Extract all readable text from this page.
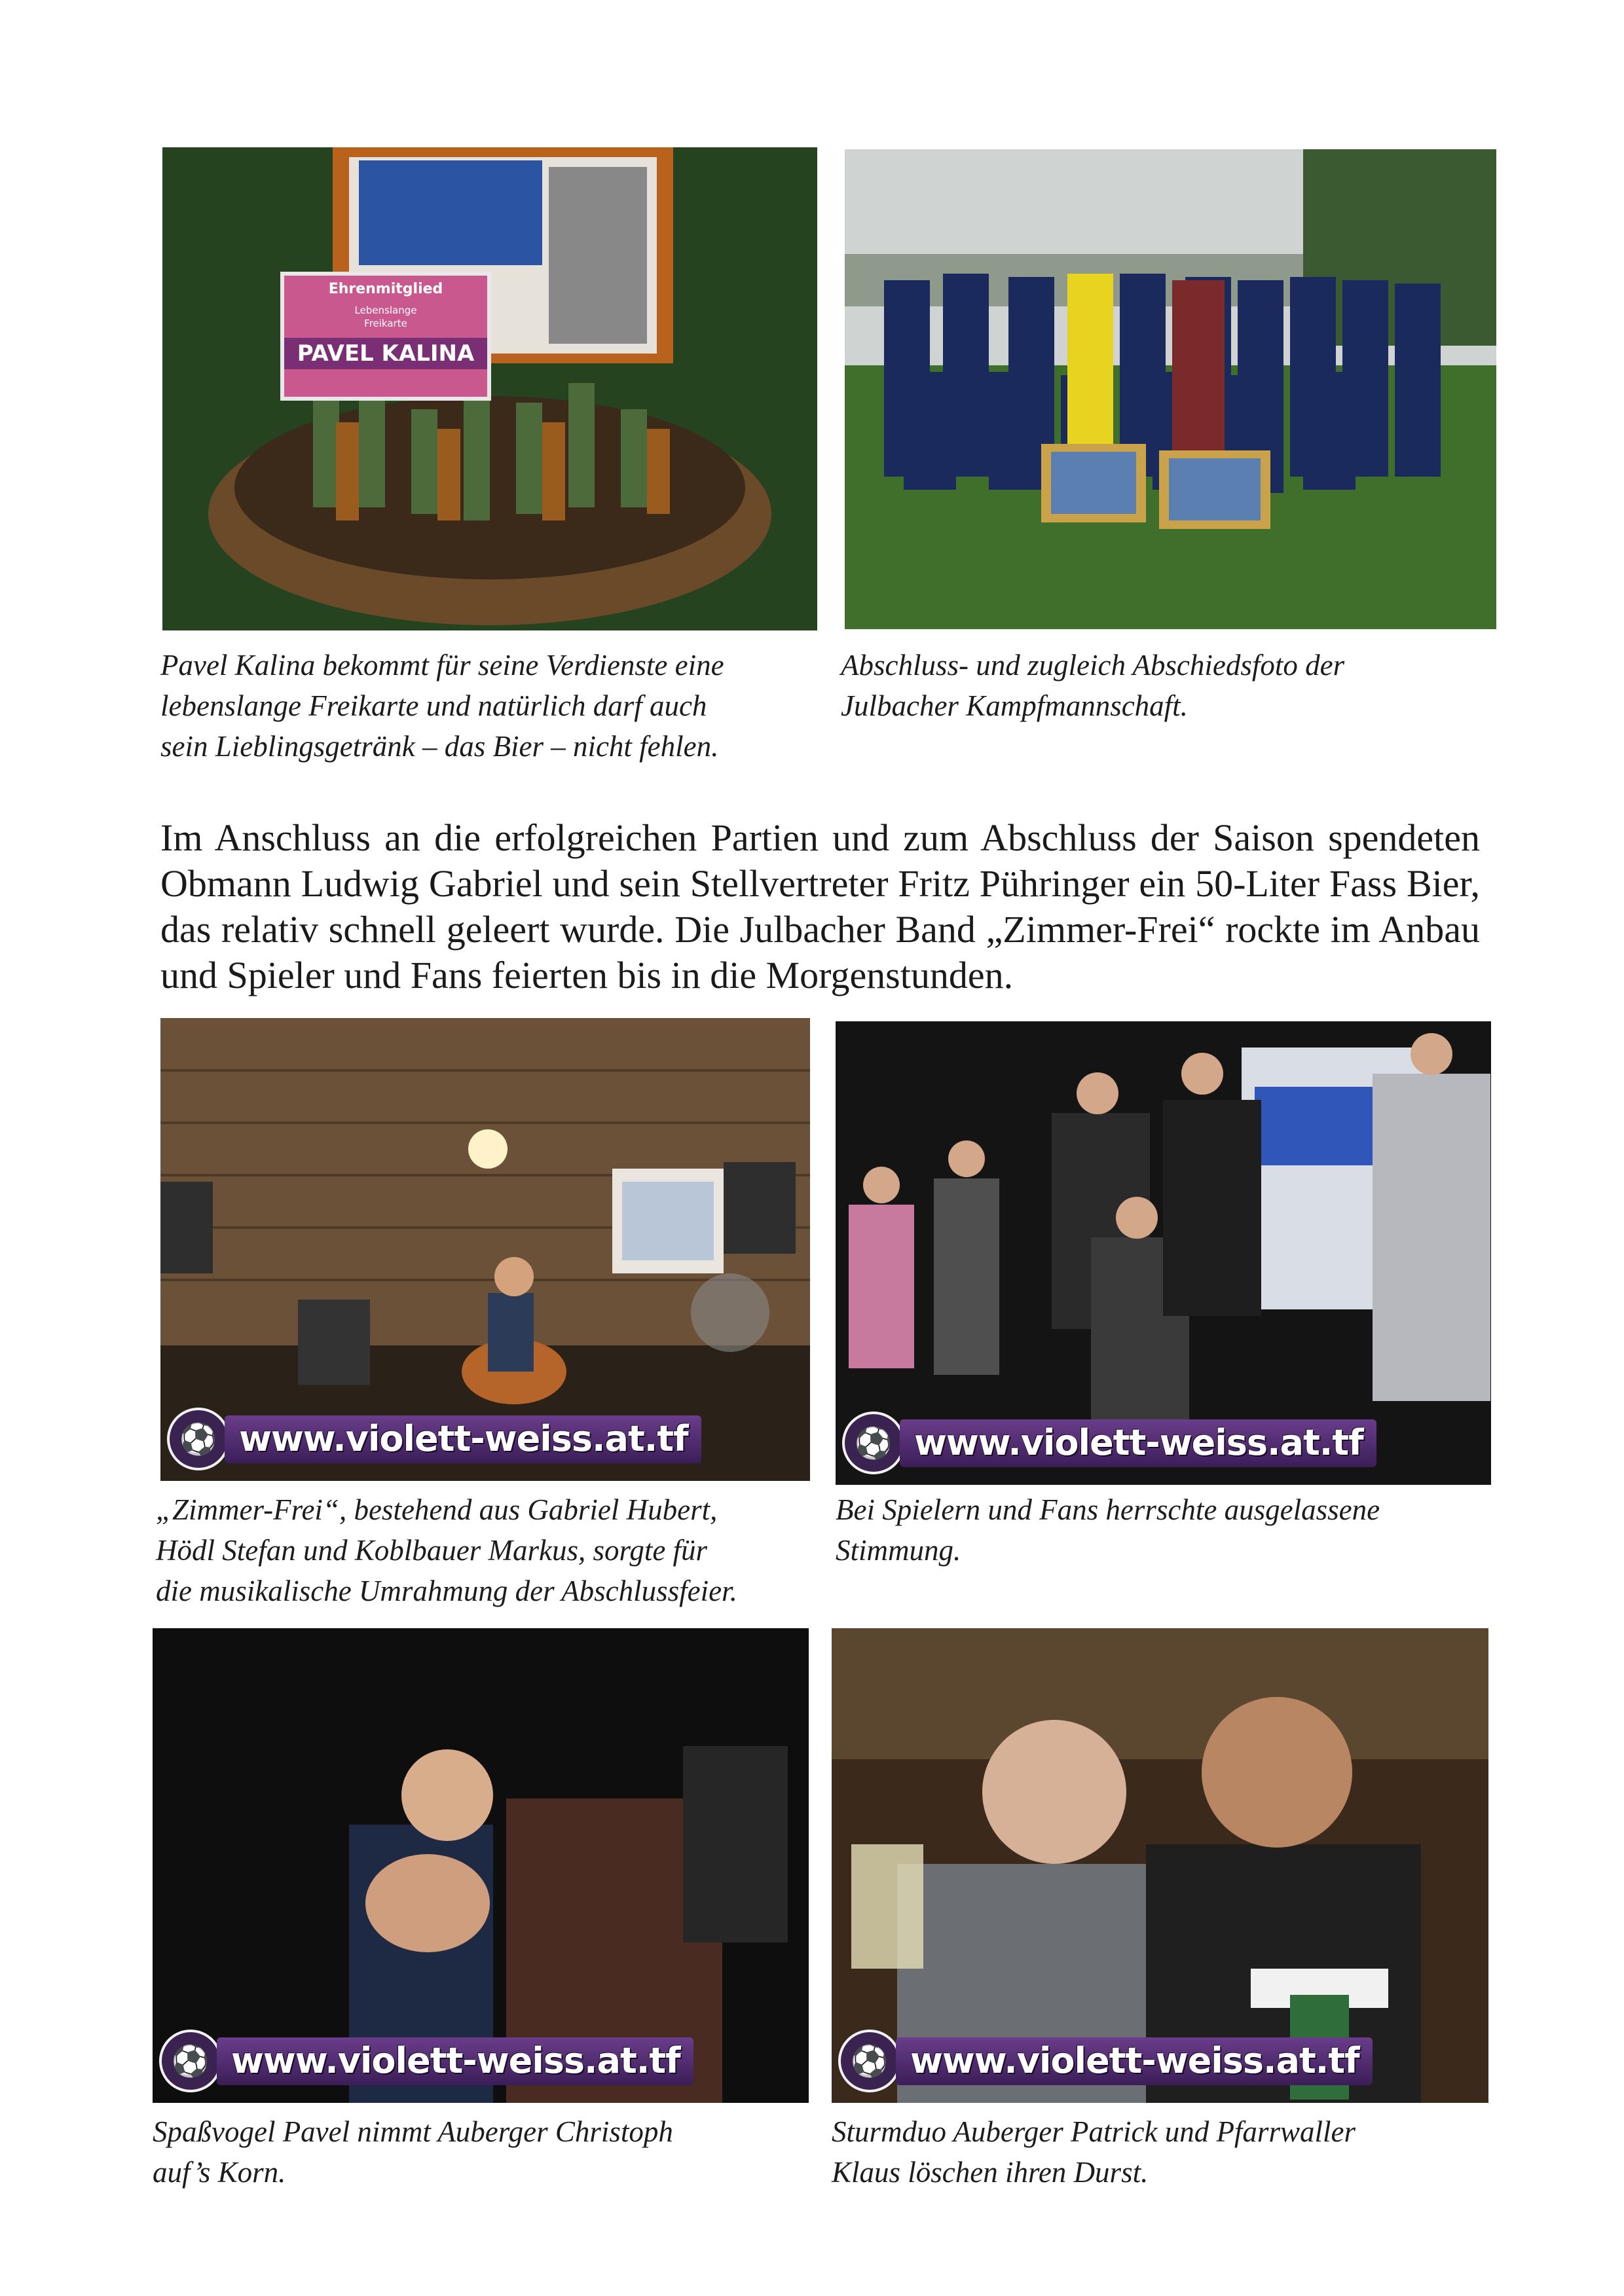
Ehrenmitglied
Lebenslange
Freikarte
PAVEL KALINA
Pavel Kalina bekommt für seine Verdienste eine
lebenslange Freikarte und natürlich darf auch
sein Lieblingsgetränk – das Bier – nicht fehlen.
Abschluss- und zugleich Abschiedsfoto der
Julbacher Kampfmannschaft.
Im Anschluss an die erfolgreichen Partien und zum Abschluss der Saison spendeten Obmann Ludwig Gabriel und sein Stellvertreter Fritz Pühringer ein 50-Liter Fass Bier, das relativ schnell geleert wurde. Die Julbacher Band „Zimmer-Frei“ rockte im Anbau und Spieler und Fans feierten bis in die Morgenstunden.
⚽ www.violett-weiss.at.tf
„Zimmer-Frei“, bestehend aus Gabriel Hubert,
Hödl Stefan und Koblbauer Markus, sorgte für
die musikalische Umrahmung der Abschlussfeier.
⚽ www.violett-weiss.at.tf
Bei Spielern und Fans herrschte ausgelassene
Stimmung.
⚽ www.violett-weiss.at.tf
Spaßvogel Pavel nimmt Auberger Christoph
auf’s Korn.
⚽ www.violett-weiss.at.tf
Sturmduo Auberger Patrick und Pfarrwaller
Klaus löschen ihren Durst.
